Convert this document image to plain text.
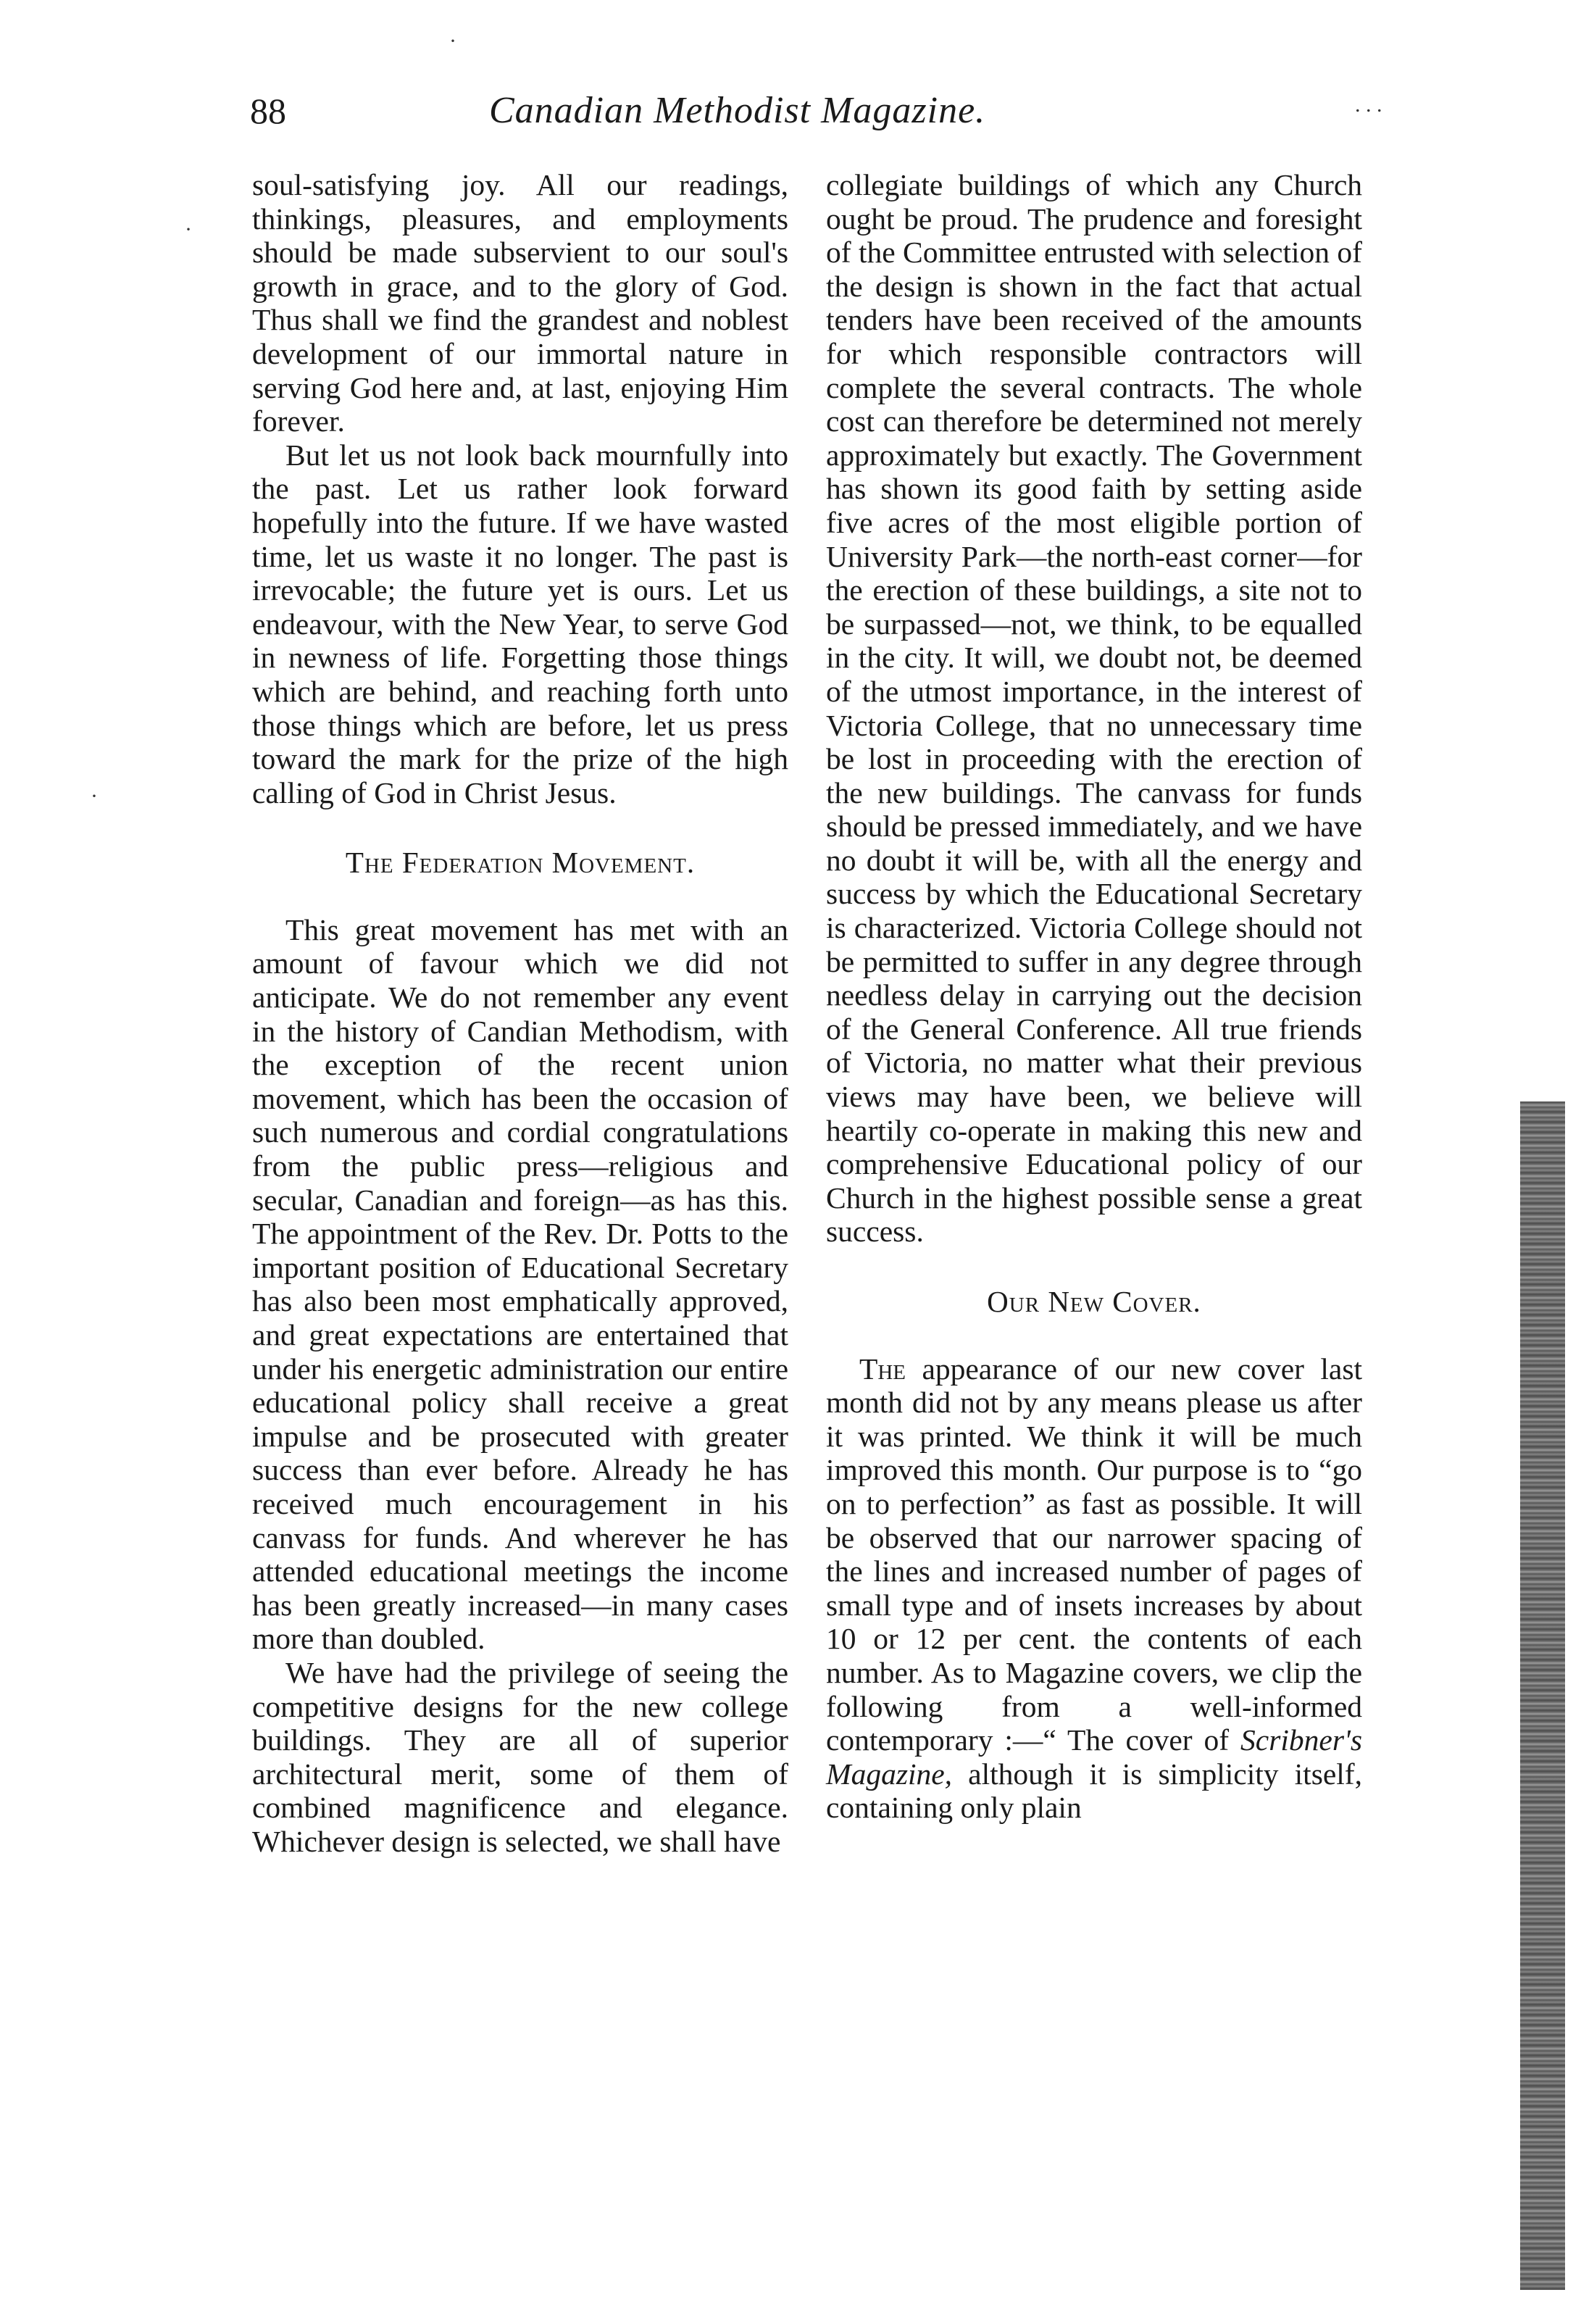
88	Canadian Methodist Magazine.

soul-satisfying joy. All our readings, thinkings, pleasures, and employments should be made subservient to our soul's growth in grace, and to the glory of God. Thus shall we find the grandest and noblest development of our immortal nature in serving God here and, at last, enjoying Him forever.

But let us not look back mournfully into the past. Let us rather look forward hopefully into the future. If we have wasted time, let us waste it no longer. The past is irrevocable; the future yet is ours. Let us endeavour, with the New Year, to serve God in newness of life. Forgetting those things which are behind, and reaching forth unto those things which are before, let us press toward the mark for the prize of the high calling of God in Christ Jesus.

The Federation Movement.

This great movement has met with an amount of favour which we did not anticipate. We do not remember any event in the history of Candian Methodism, with the exception of the recent union movement, which has been the occasion of such numerous and cordial congratulations from the public press—religious and secular, Canadian and foreign—as has this. The appointment of the Rev. Dr. Potts to the important position of Educational Secretary has also been most emphatically approved, and great expectations are entertained that under his energetic administration our entire educational policy shall receive a great impulse and be prosecuted with greater success than ever before. Already he has received much encouragement in his canvass for funds. And wherever he has attended educational meetings the income has been greatly increased—in many cases more than doubled.

We have had the privilege of seeing the competitive designs for the new college buildings. They are all of superior architectural merit, some of them of combined magnificence and elegance. Whichever design is selected, we shall have

collegiate buildings of which any Church ought be proud. The prudence and foresight of the Committee entrusted with selection of the design is shown in the fact that actual tenders have been received of the amounts for which responsible contractors will complete the several contracts. The whole cost can therefore be determined not merely approximately but exactly. The Government has shown its good faith by setting aside five acres of the most eligible portion of University Park—the north-east corner—for the erection of these buildings, a site not to be surpassed—not, we think, to be equalled in the city. It will, we doubt not, be deemed of the utmost importance, in the interest of Victoria College, that no unnecessary time be lost in proceeding with the erection of the new buildings. The canvass for funds should be pressed immediately, and we have no doubt it will be, with all the energy and success by which the Educational Secretary is characterized. Victoria College should not be permitted to suffer in any degree through needless delay in carrying out the decision of the General Conference. All true friends of Victoria, no matter what their previous views may have been, we believe will heartily co-operate in making this new and comprehensive Educational policy of our Church in the highest possible sense a great success.

Our New Cover.

The appearance of our new cover last month did not by any means please us after it was printed. We think it will be much improved this month. Our purpose is to “go on to perfection” as fast as possible. It will be observed that our narrower spacing of the lines and increased number of pages of small type and of insets increases by about 10 or 12 per cent. the contents of each number. As to Magazine covers, we clip the following from a well-informed contemporary :—“ The cover of Scribner's Magazine, although it is simplicity itself, containing only plain

·
·
·
. . .
